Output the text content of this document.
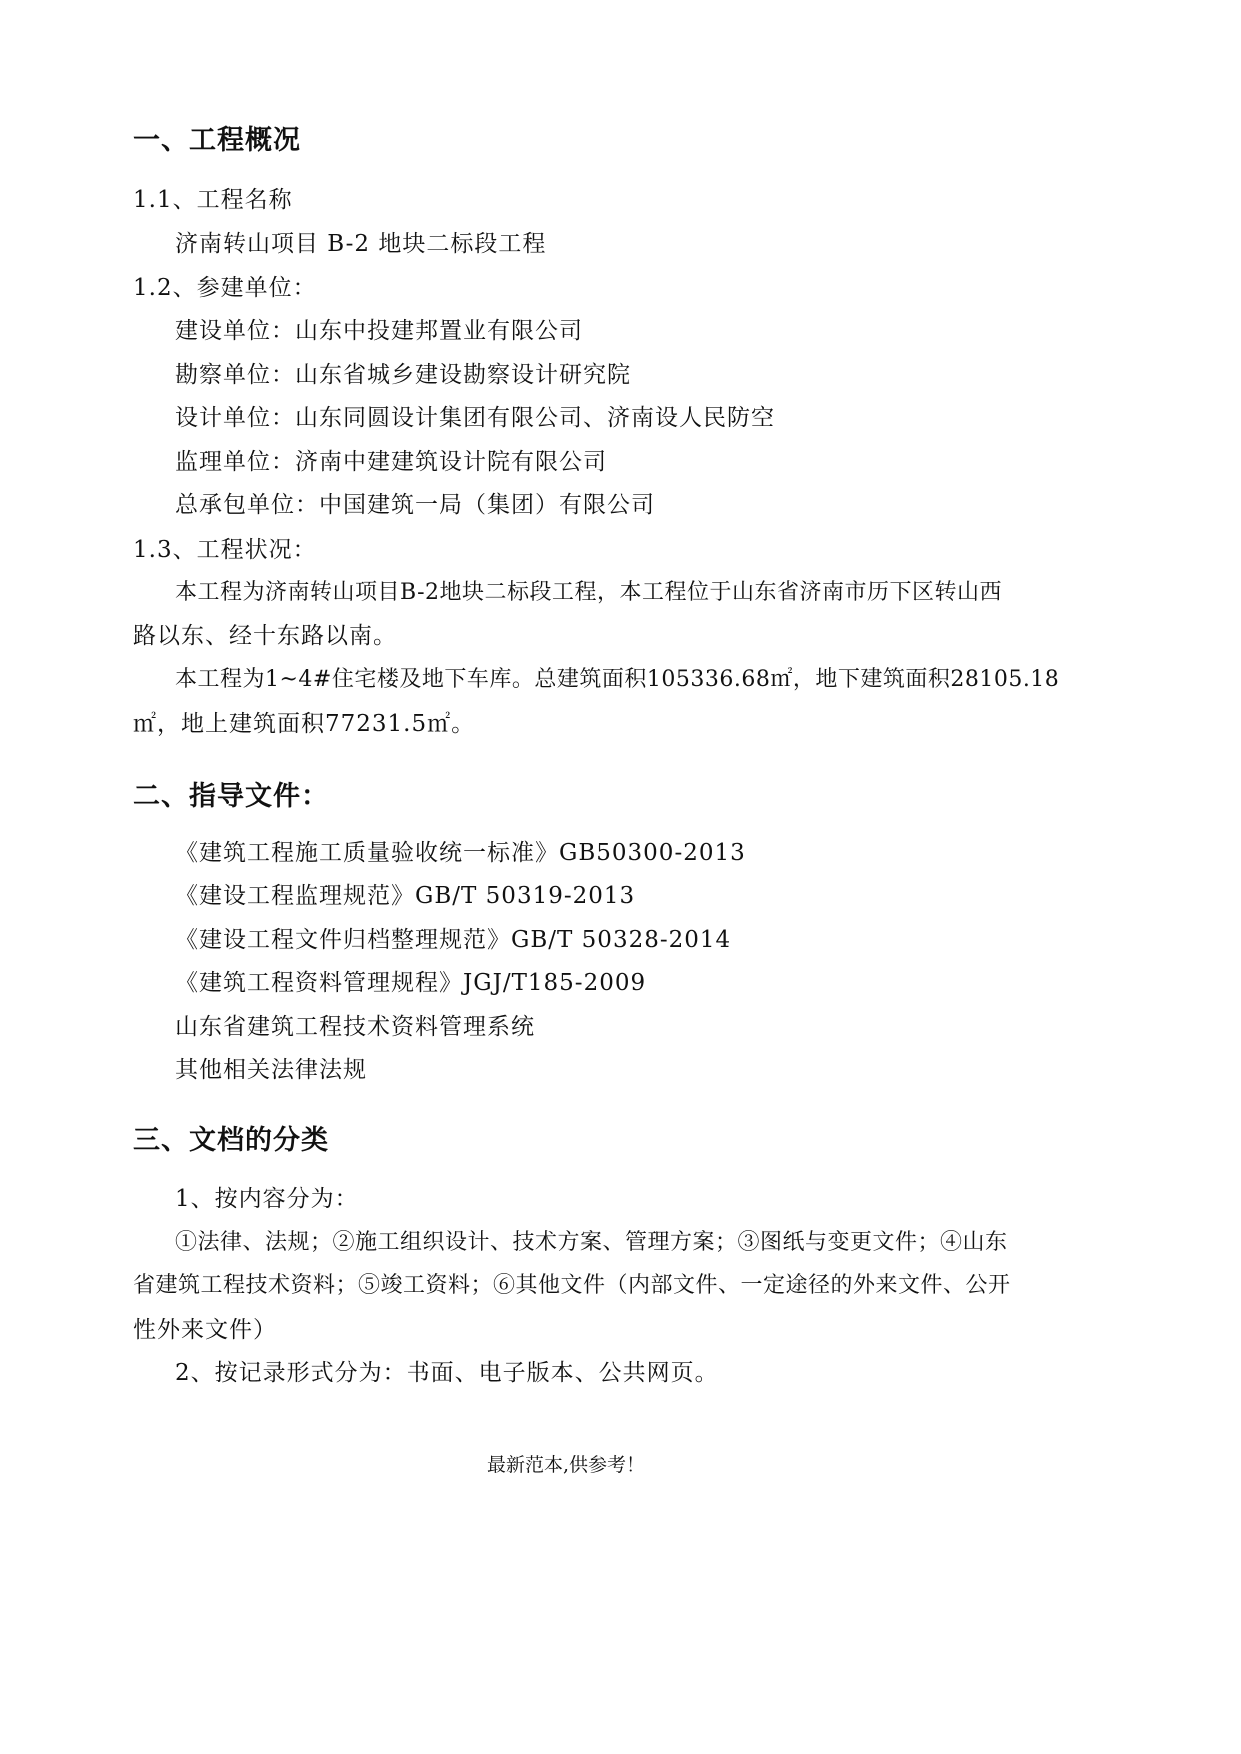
一、工程概况
1.1、工程名称
济南转山项目 B-2 地块二标段工程
1.2、参建单位：
建设单位：山东中投建邦置业有限公司
勘察单位：山东省城乡建设勘察设计研究院
设计单位：山东同圆设计集团有限公司、济南设人民防空
监理单位：济南中建建筑设计院有限公司
总承包单位：中国建筑一局（集团）有限公司
1.3、工程状况：
本工程为济南转山项目B-2地块二标段工程，本工程位于山东省济南市历下区转山西
路以东、经十东路以南。
本工程为1~4#住宅楼及地下车库。总建筑面积105336.68㎡，地下建筑面积28105.18
㎡，地上建筑面积77231.5㎡。
二、指导文件：
《建筑工程施工质量验收统一标准》GB50300-2013
《建设工程监理规范》GB/T 50319-2013
《建设工程文件归档整理规范》GB/T 50328-2014
《建筑工程资料管理规程》JGJ/T185-2009
山东省建筑工程技术资料管理系统
其他相关法律法规
三、文档的分类
1、按内容分为：
①法律、法规；②施工组织设计、技术方案、管理方案；③图纸与变更文件；④山东
省建筑工程技术资料；⑤竣工资料；⑥其他文件（内部文件、一定途径的外来文件、公开
性外来文件）
2、按记录形式分为：书面、电子版本、公共网页。
最新范本,供参考！
